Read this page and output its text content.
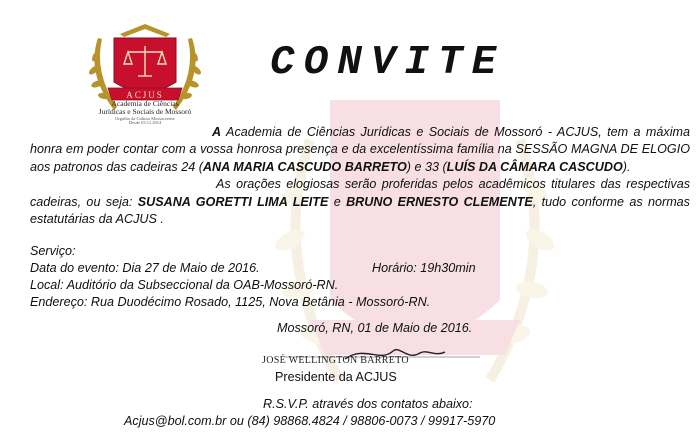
ACJUS
Academia de Ciências
Jurídicas e Sociais de Mossoró
Orgulho da Cultura Mossoroense
Desde 03.11.2014
CONVITE

A Academia de Ciências Jurídicas e Sociais de Mossoró - ACJUS, tem a máxima honra em poder contar com a vossa honrosa presença e da excelentíssima família na SESSÃO MAGNA DE ELOGIO aos patronos das cadeiras 24 (ANA MARIA CASCUDO BARRETO) e 33 (LUÍS DA CÂMARA CASCUDO).

As orações elogiosas serão proferidas pelos acadêmicos titulares das respectivas cadeiras, ou seja: SUSANA GORETTI LIMA LEITE e BRUNO ERNESTO CLEMENTE, tudo conforme as normas estatutárias da ACJUS .

Serviço:
Data do evento: Dia 27 de Maio de 2016.	Horário: 19h30min
Local: Auditório da Subseccional da OAB-Mossoró-RN.
Endereço: Rua Duodécimo Rosado, 1125, Nova Betânia - Mossoró-RN.
Mossoró, RN, 01 de Maio de 2016.
JOSÉ WELLINGTON BARRETO
Presidente da ACJUS
R.S.V.P. através dos contatos abaixo:
Acjus@bol.com.br ou (84) 98868.4824 / 98806-0073 / 99917-5970
